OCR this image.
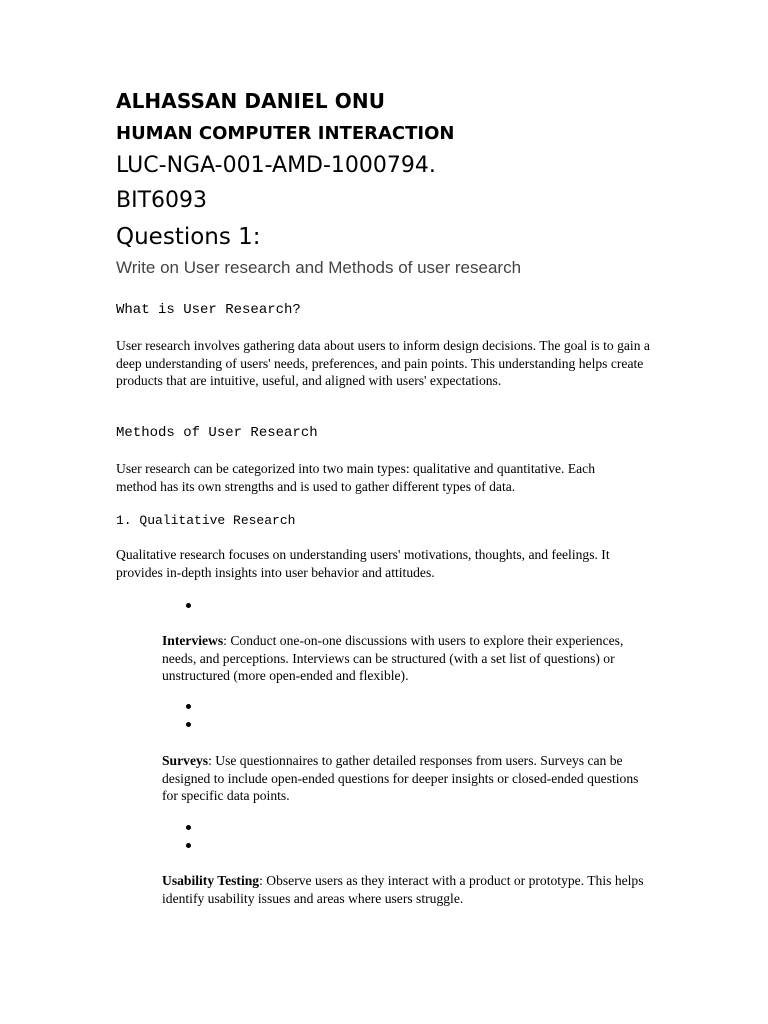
ALHASSAN DANIEL ONU
HUMAN COMPUTER INTERACTION
LUC-NGA-001-AMD-1000794.
BIT6093
Questions 1:
Write on User research and Methods of user research
What is User Research?
User research involves gathering data about users to inform design decisions. The goal is to gain a deep understanding of users' needs, preferences, and pain points. This understanding helps create products that are intuitive, useful, and aligned with users' expectations.
Methods of User Research
User research can be categorized into two main types: qualitative and quantitative. Each method has its own strengths and is used to gather different types of data.
1. Qualitative Research
Qualitative research focuses on understanding users' motivations, thoughts, and feelings. It provides in-depth insights into user behavior and attitudes.
Interviews: Conduct one-on-one discussions with users to explore their experiences, needs, and perceptions. Interviews can be structured (with a set list of questions) or unstructured (more open-ended and flexible).
Surveys: Use questionnaires to gather detailed responses from users. Surveys can be designed to include open-ended questions for deeper insights or closed-ended questions for specific data points.
Usability Testing: Observe users as they interact with a product or prototype. This helps identify usability issues and areas where users struggle.
